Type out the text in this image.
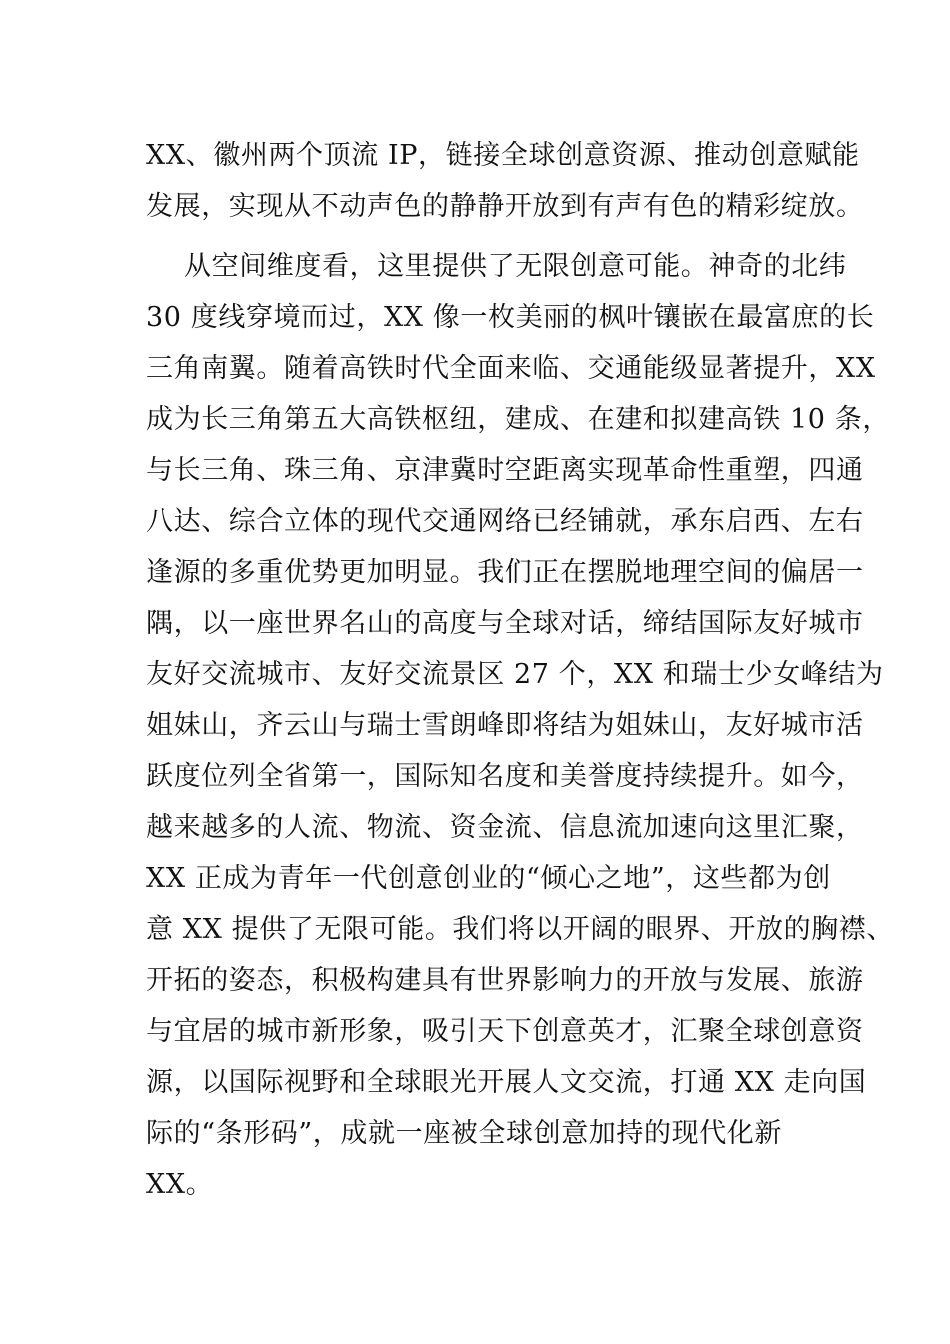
XX、徽州两个顶流 IP，链接全球创意资源、推动创意赋能
发展，实现从不动声色的静静开放到有声有色的精彩绽放。
从空间维度看，这里提供了无限创意可能。神奇的北纬
30 度线穿境而过，XX 像一枚美丽的枫叶镶嵌在最富庶的长
三角南翼。随着高铁时代全面来临、交通能级显著提升，XX
成为长三角第五大高铁枢纽，建成、在建和拟建高铁 10 条，
与长三角、珠三角、京津冀时空距离实现革命性重塑，四通
八达、综合立体的现代交通网络已经铺就，承东启西、左右
逢源的多重优势更加明显。我们正在摆脱地理空间的偏居一
隅，以一座世界名山的高度与全球对话，缔结国际友好城市
友好交流城市、友好交流景区 27 个，XX 和瑞士少女峰结为
姐妹山，齐云山与瑞士雪朗峰即将结为姐妹山，友好城市活
跃度位列全省第一，国际知名度和美誉度持续提升。如今，
越来越多的人流、物流、资金流、信息流加速向这里汇聚，
XX 正成为青年一代创意创业的“倾心之地”，这些都为创
意 XX 提供了无限可能。我们将以开阔的眼界、开放的胸襟、
开拓的姿态，积极构建具有世界影响力的开放与发展、旅游
与宜居的城市新形象，吸引天下创意英才，汇聚全球创意资
源，以国际视野和全球眼光开展人文交流，打通 XX 走向国
际的“条形码”，成就一座被全球创意加持的现代化新
XX。
